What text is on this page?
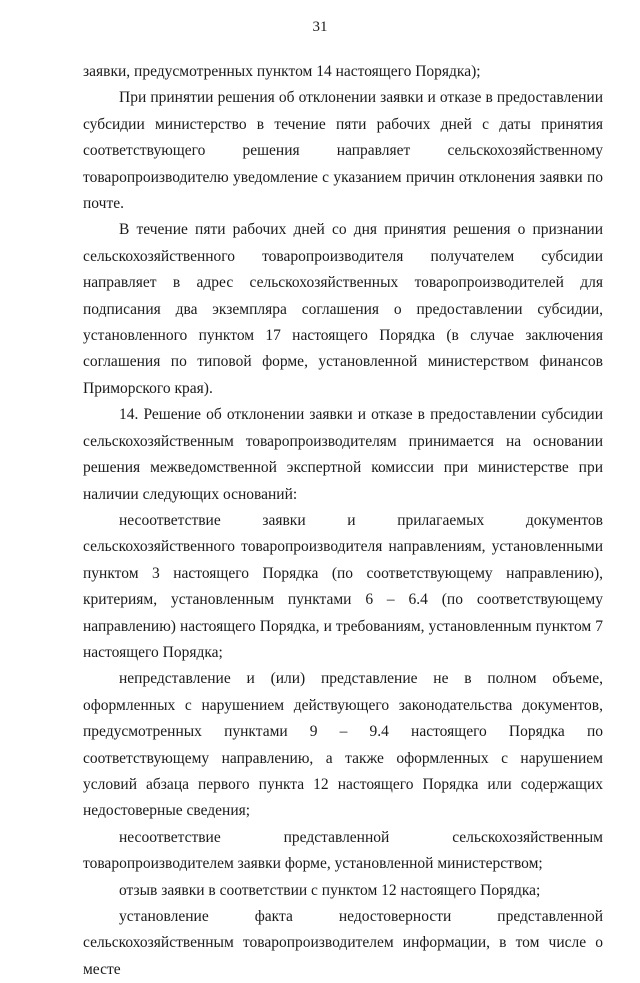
31

заявки, предусмотренных пунктом 14 настоящего Порядка);

При принятии решения об отклонении заявки и отказе в предоставлении субсидии министерство в течение пяти рабочих дней с даты принятия соответствующего решения направляет сельскохозяйственному товаропроизводителю уведомление с указанием причин отклонения заявки по почте.

В течение пяти рабочих дней со дня принятия решения о признании сельскохозяйственного товаропроизводителя получателем субсидии направляет в адрес сельскохозяйственных товаропроизводителей для подписания два экземпляра соглашения о предоставлении субсидии, установленного пунктом 17 настоящего Порядка (в случае заключения соглашения по типовой форме, установленной министерством финансов Приморского края).

14. Решение об отклонении заявки и отказе в предоставлении субсидии сельскохозяйственным товаропроизводителям принимается на основании решения межведомственной экспертной комиссии при министерстве при наличии следующих оснований:

несоответствие заявки и прилагаемых документов сельскохозяйственного товаропроизводителя направлениям, установленными пунктом 3 настоящего Порядка (по соответствующему направлению), критериям, установленным пунктами 6 – 6.4 (по соответствующему направлению) настоящего Порядка, и требованиям, установленным пунктом 7 настоящего Порядка;

непредставление и (или) представление не в полном объеме, оформленных с нарушением действующего законодательства документов, предусмотренных пунктами 9 – 9.4 настоящего Порядка по соответствующему направлению, а также оформленных с нарушением условий абзаца первого пункта 12 настоящего Порядка или содержащих недостоверные сведения;

несоответствие представленной сельскохозяйственным товаропроизводителем заявки форме, установленной министерством;

отзыв заявки в соответствии с пунктом 12 настоящего Порядка;

установление факта недостоверности представленной сельскохозяйственным товаропроизводителем информации, в том числе о месте
